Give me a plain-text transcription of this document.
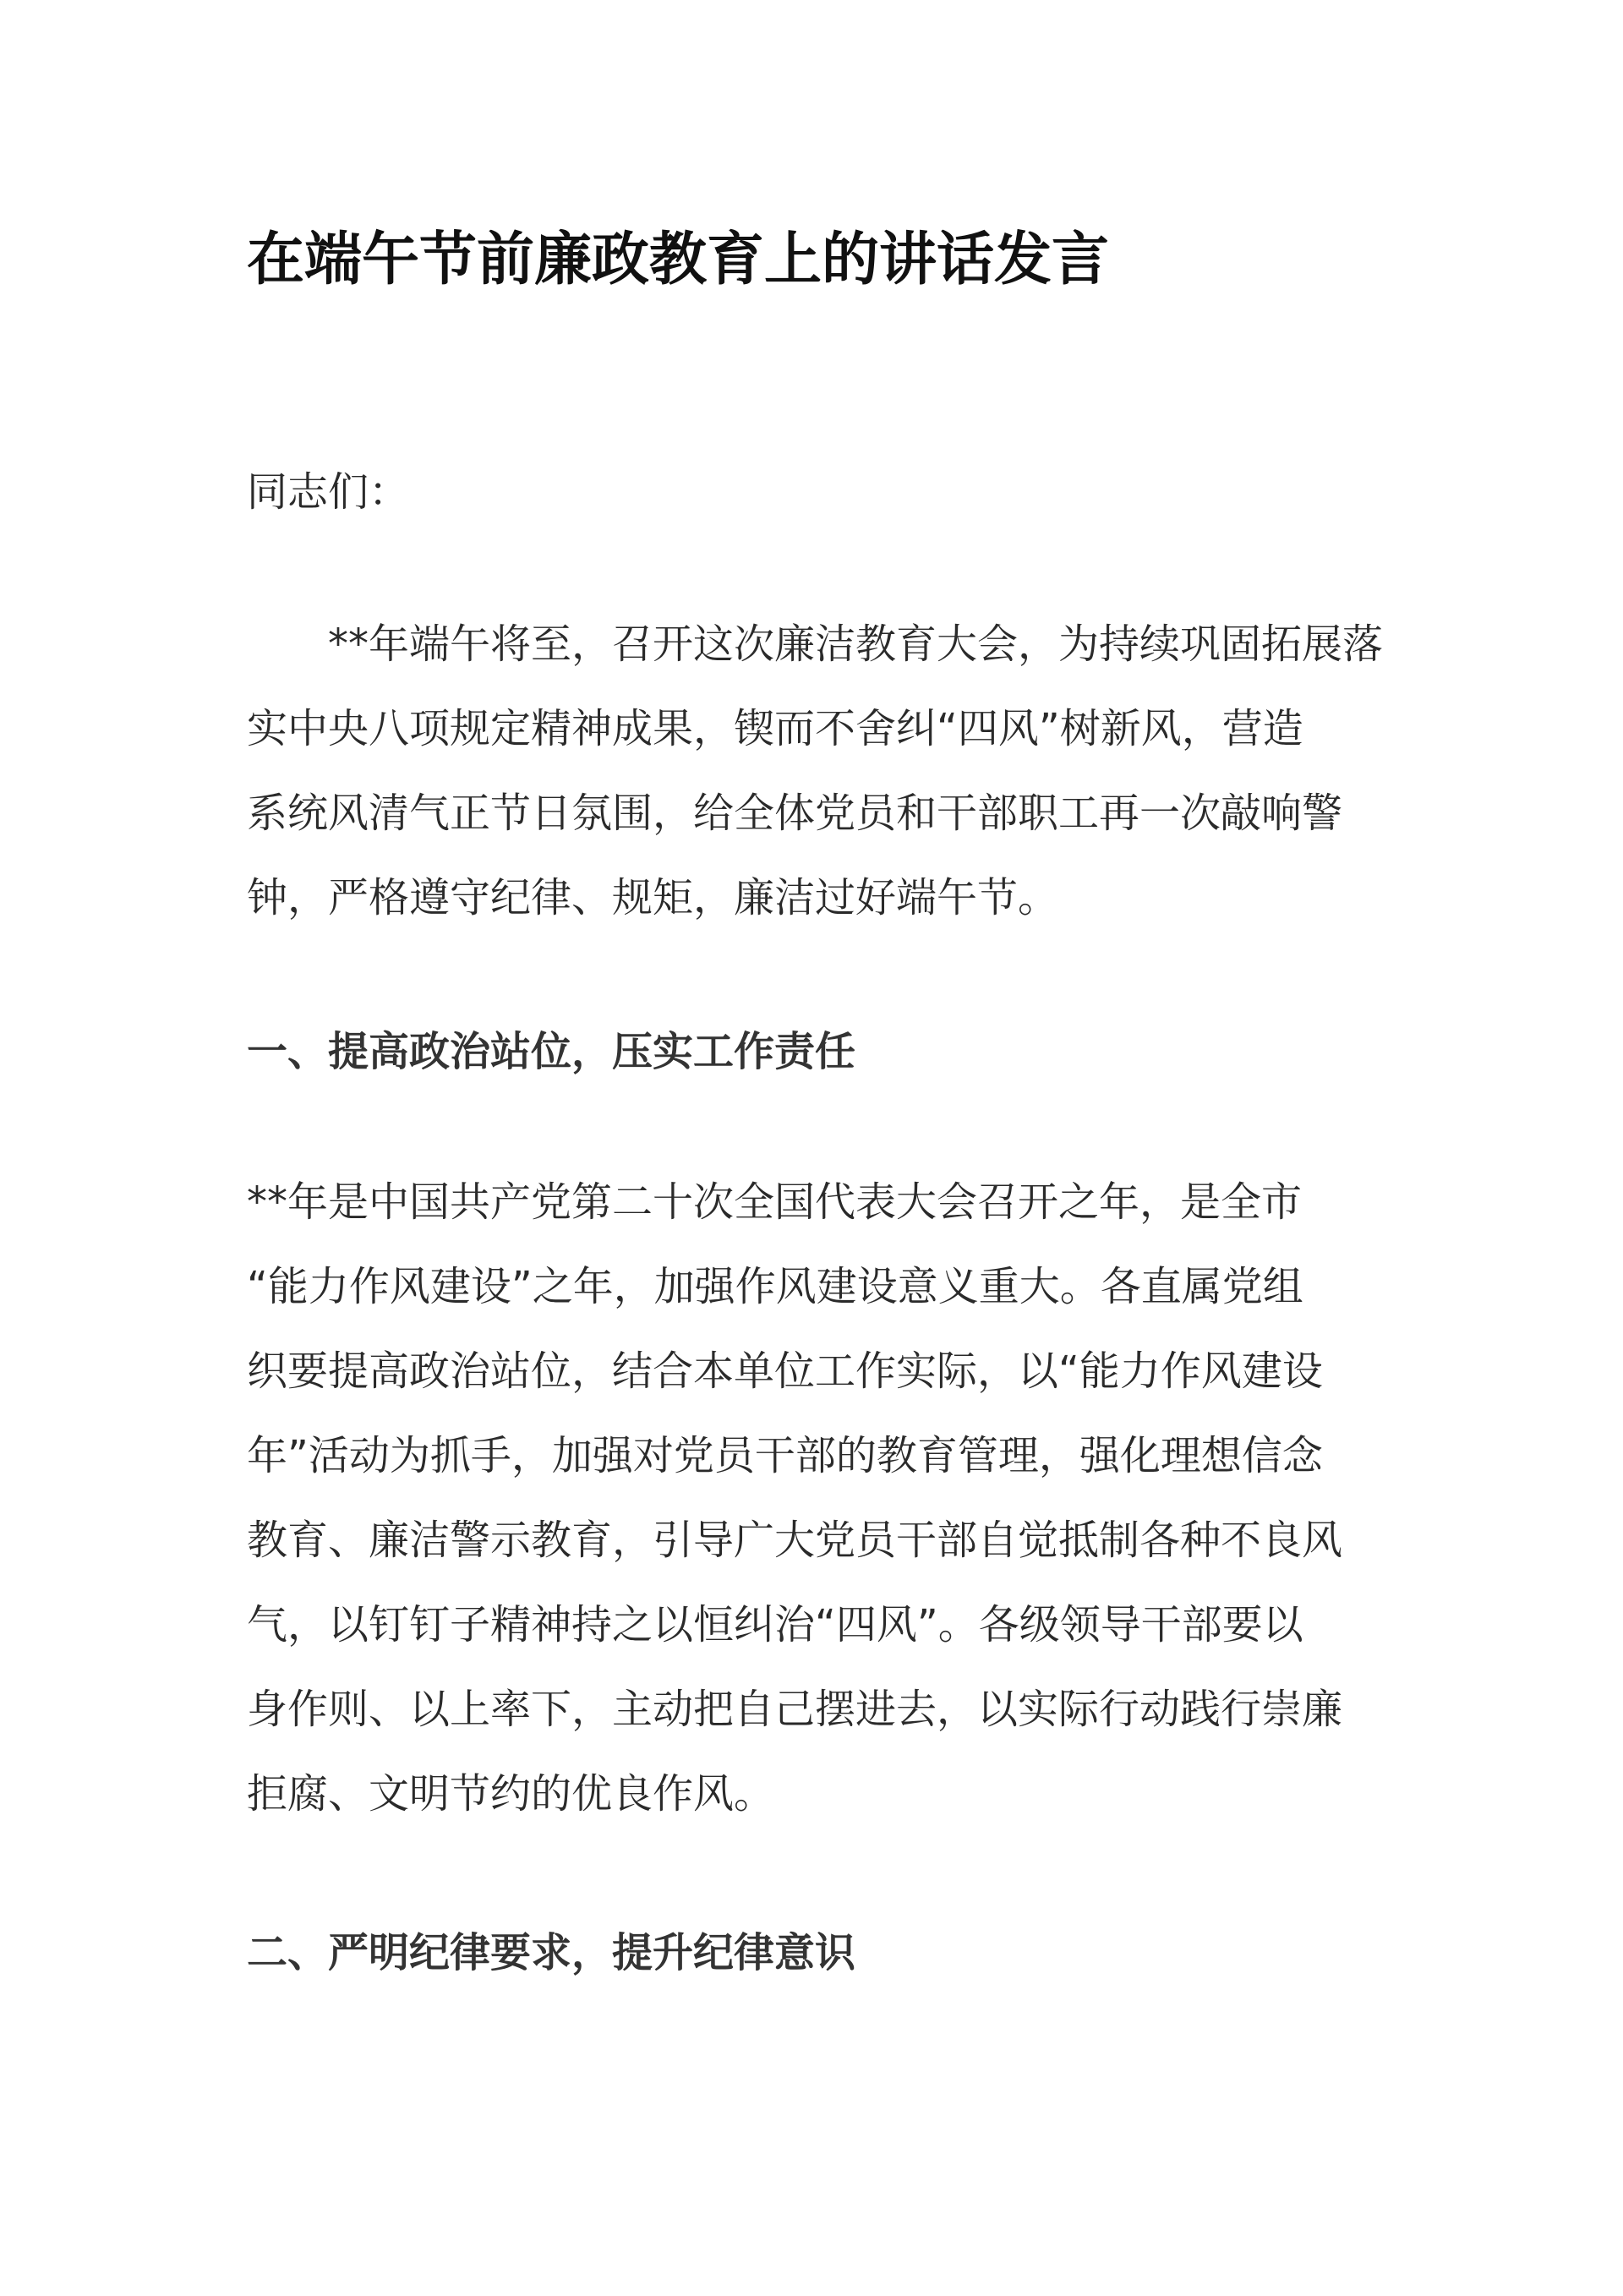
在端午节前廉政教育上的讲话发言

同志们：

　　**年端午将至，召开这次廉洁教育大会，为持续巩固拓展落
实中央八项规定精神成果，锲而不舍纠“四风”树新风，营造
系统风清气正节日氛围，给全体党员和干部职工再一次敲响警
钟，严格遵守纪律、规矩，廉洁过好端午节。

一、提高政治站位，压实工作责任

**年是中国共产党第二十次全国代表大会召开之年，是全市
“能力作风建设”之年，加强作风建设意义重大。各直属党组
织要提高政治站位，结合本单位工作实际，以“能力作风建设
年”活动为抓手，加强对党员干部的教育管理，强化理想信念
教育、廉洁警示教育，引导广大党员干部自觉抵制各种不良风
气，以钉钉子精神持之以恒纠治“四风”。各级领导干部要以
身作则、以上率下，主动把自己摆进去，以实际行动践行崇廉
拒腐、文明节约的优良作风。

二、严明纪律要求，提升纪律意识
